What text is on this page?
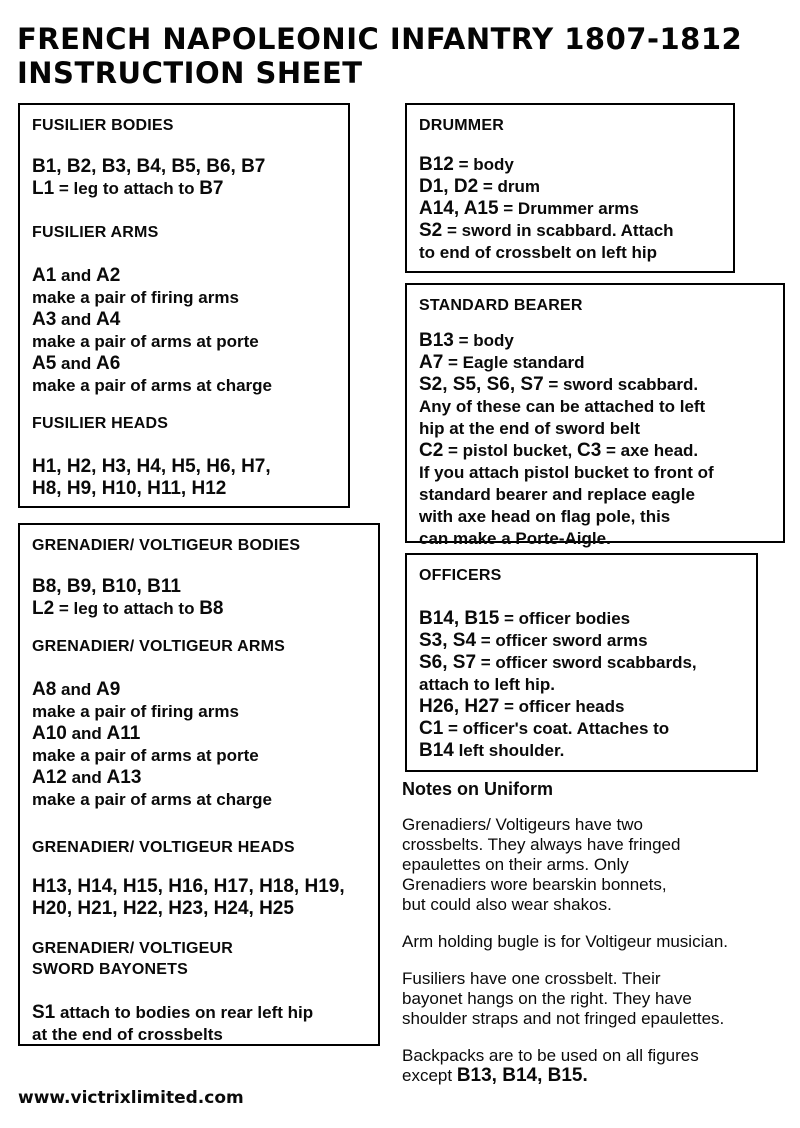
FRENCH NAPOLEONIC INFANTRY 1807-1812
INSTRUCTION SHEET
FUSILIER BODIES
B1, B2, B3, B4, B5, B6, B7
L1 = leg to attach to B7
FUSILIER ARMS
A1 and A2
make a pair of firing arms
A3 and A4
make a pair of arms at porte
A5 and A6
make a pair of arms at charge
FUSILIER HEADS
H1, H2, H3, H4, H5, H6, H7,
H8, H9, H10, H11, H12
GRENADIER/ VOLTIGEUR BODIES
B8, B9, B10, B11
L2 = leg to attach to B8
GRENADIER/ VOLTIGEUR ARMS
A8 and A9
make a pair of firing arms
A10 and A11
make a pair of arms at porte
A12 and A13
make a pair of arms at charge
GRENADIER/ VOLTIGEUR HEADS
H13, H14, H15, H16, H17, H18, H19,
H20, H21, H22, H23, H24, H25
GRENADIER/ VOLTIGEUR
SWORD BAYONETS
S1 attach to bodies on rear left hip
at the end of crossbelts
DRUMMER
B12 = body
D1, D2 = drum
A14, A15 = Drummer arms
S2 = sword in scabbard. Attach
to end of crossbelt on left hip
STANDARD BEARER
B13 = body
A7 = Eagle standard
S2, S5, S6, S7 = sword scabbard.
Any of these can be attached to left
hip at the end of sword belt
C2 = pistol bucket, C3 = axe head.
If you attach pistol bucket to front of
standard bearer and replace eagle
with axe head on flag pole, this
can make a Porte-Aigle.
OFFICERS
B14, B15 = officer bodies
S3, S4 = officer sword arms
S6, S7 = officer sword scabbards,
attach to left hip.
H26, H27 = officer heads
C1 = officer's coat. Attaches to
B14 left shoulder.
Notes on Uniform
Grenadiers/ Voltigeurs have two
crossbelts. They always have fringed
epaulettes on their arms. Only
Grenadiers wore bearskin bonnets,
but could also wear shakos.
Arm holding bugle is for Voltigeur musician.
Fusiliers have one crossbelt. Their
bayonet hangs on the right. They have
shoulder straps and not fringed epaulettes.
Backpacks are to be used on all figures
except B13, B14, B15.
www.victrixlimited.com
